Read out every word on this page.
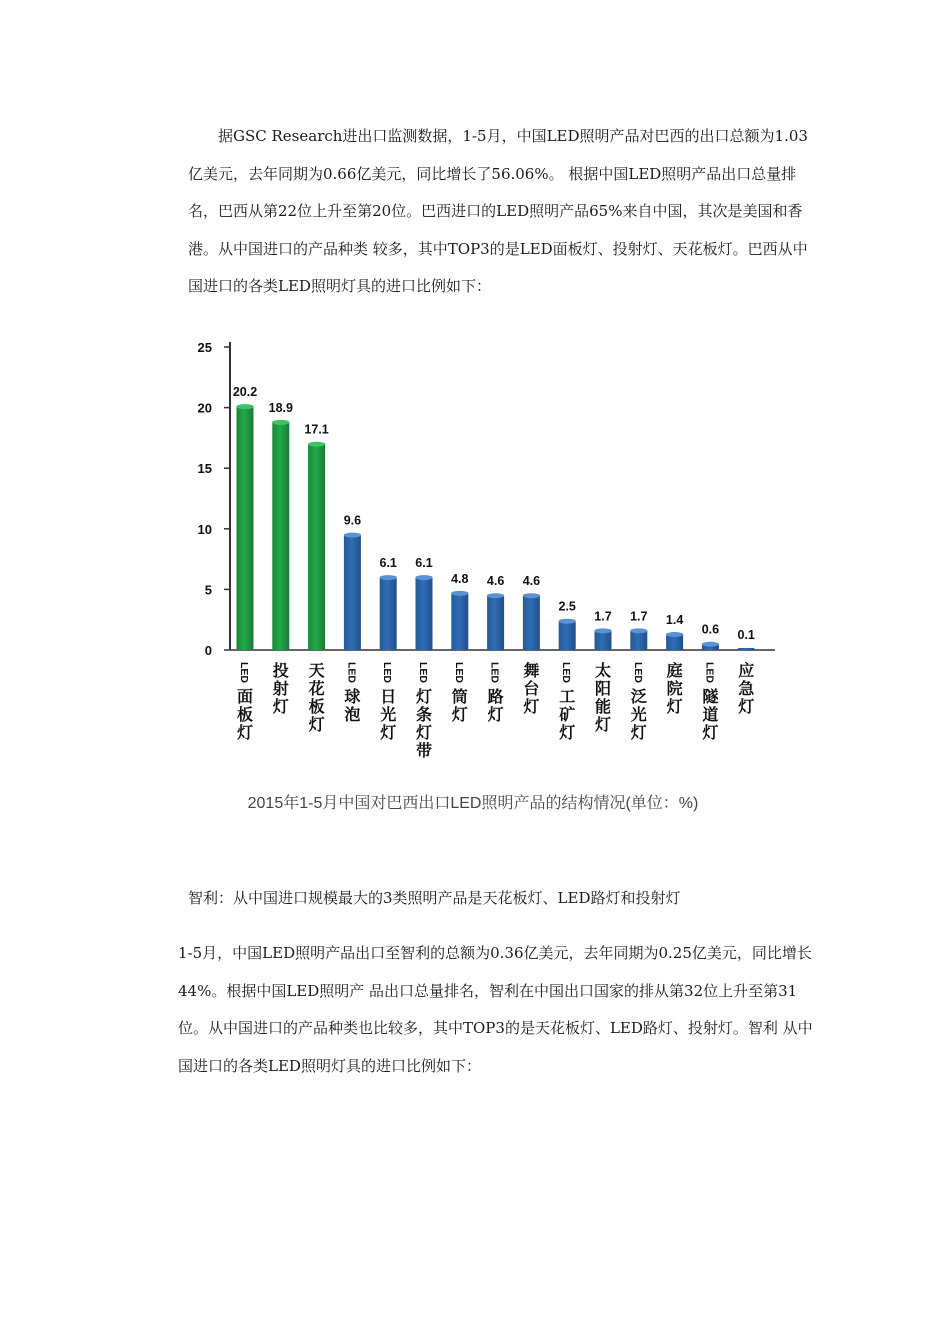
据GSC Research进出口监测数据，1-5月，中国LED照明产品对巴西的出口总额为1.03亿美元，去年同期为0.66亿美元，同比增长了56.06%。 根据中国LED照明产品出口总量排名，巴西从第22位上升至第20位。巴西进口的LED照明产品65%来自中国，其次是美国和香港。从中国进口的产品种类 较多，其中TOP3的是LED面板灯、投射灯、天花板灯。巴西从中国进口的各类LED照明灯具的进口比例如下：

0
5
10
15
20
25
20.2
18.9
17.1
9.6
6.1 6.1
4.8 4.6 4.6
2.5
1.7 1.7 1.4
0.6 0.1
LED
面
板
灯
投
射
灯
天
花
板
灯
LED
球
泡
LED
日
光
灯
LED
灯
条
灯
带
LED
筒
灯
LED
路
灯
舞
台
灯
LED
工
矿
灯
太
阳
能
灯
LED
泛
光
灯
庭
院
灯
LED
隧
道
灯
应
急
灯
2015年1-5月中国对巴西出口LED照明产品的结构情况(单位：%)

智利：从中国进口规模最大的3类照明产品是天花板灯、LED路灯和投射灯

1-5月，中国LED照明产品出口至智利的总额为0.36亿美元，去年同期为0.25亿美元，同比增长44%。根据中国LED照明产 品出口总量排名，智利在中国出口国家的排从第32位上升至第31位。从中国进口的产品种类也比较多，其中TOP3的是天花板灯、LED路灯、投射灯。智利 从中国进口的各类LED照明灯具的进口比例如下：
